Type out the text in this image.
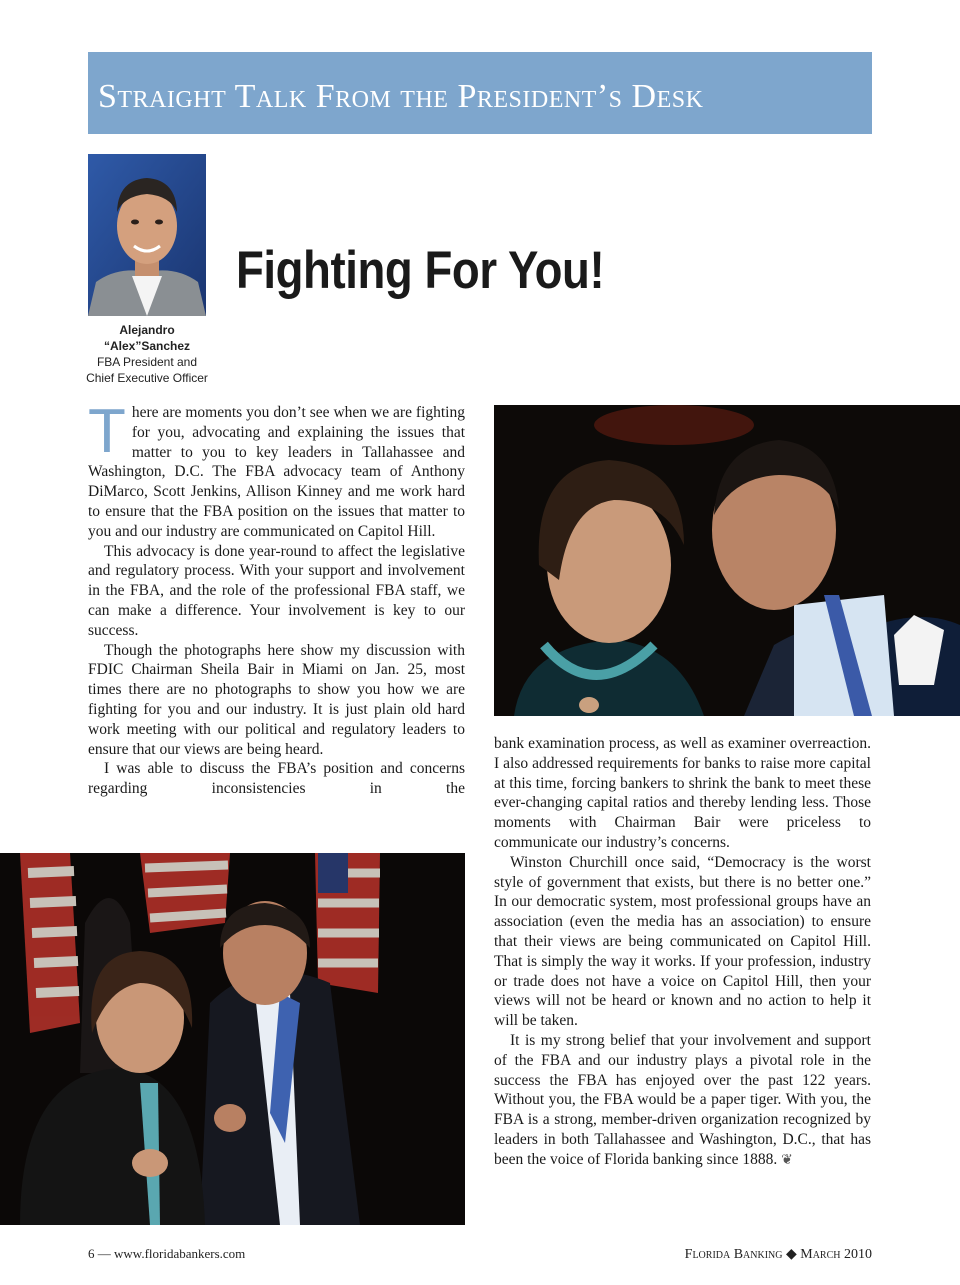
Straight Talk From the President’s Desk
Alejandro
“Alex”Sanchez
FBA President and
Chief Executive Officer
Fighting For You!

There are moments you don’t see when we are fighting for you, advocating and explaining the issues that matter to you to key leaders in Tallahassee and Washington, D.C. The FBA advocacy team of Anthony DiMarco, Scott Jenkins, Allison Kinney and me work hard to ensure that the FBA position on the issues that matter to you and our industry are communicated on Capitol Hill.

This advocacy is done year-round to affect the legislative and regulatory process. With your support and involvement in the FBA, and the role of the professional FBA staff, we can make a difference. Your involvement is key to our success.

Though the photographs here show my discussion with FDIC Chairman Sheila Bair in Miami on Jan. 25, most times there are no photographs to show you how we are fighting for you and our industry. It is just plain old hard work meeting with our political and regulatory leaders to ensure that our views are being heard.

I was able to discuss the FBA’s position and concerns regarding inconsistencies in the

bank examination process, as well as examiner overreaction. I also addressed requirements for banks to raise more capital at this time, forcing bankers to shrink the bank to meet these ever-changing capital ratios and thereby lending less. Those moments with Chairman Bair were priceless to communicate our industry’s concerns.

Winston Churchill once said, “Democracy is the worst style of government that exists, but there is no better one.” In our democratic system, most professional groups have an association (even the media has an association) to ensure that their views are being communicated on Capitol Hill. That is simply the way it works. If your profession, industry or trade does not have a voice on Capitol Hill, then your views will not be heard or known and no action to help it will be taken.

It is my strong belief that your involvement and support of the FBA and our industry plays a pivotal role in the success the FBA has enjoyed over the past 122 years. Without you, the FBA would be a paper tiger. With you, the FBA is a strong, member-driven organization recognized by leaders in both Tallahassee and Washington, D.C., that has been the voice of Florida banking since 1888. ❦

6 — www.floridabankers.com	Florida Banking ◆ March 2010
